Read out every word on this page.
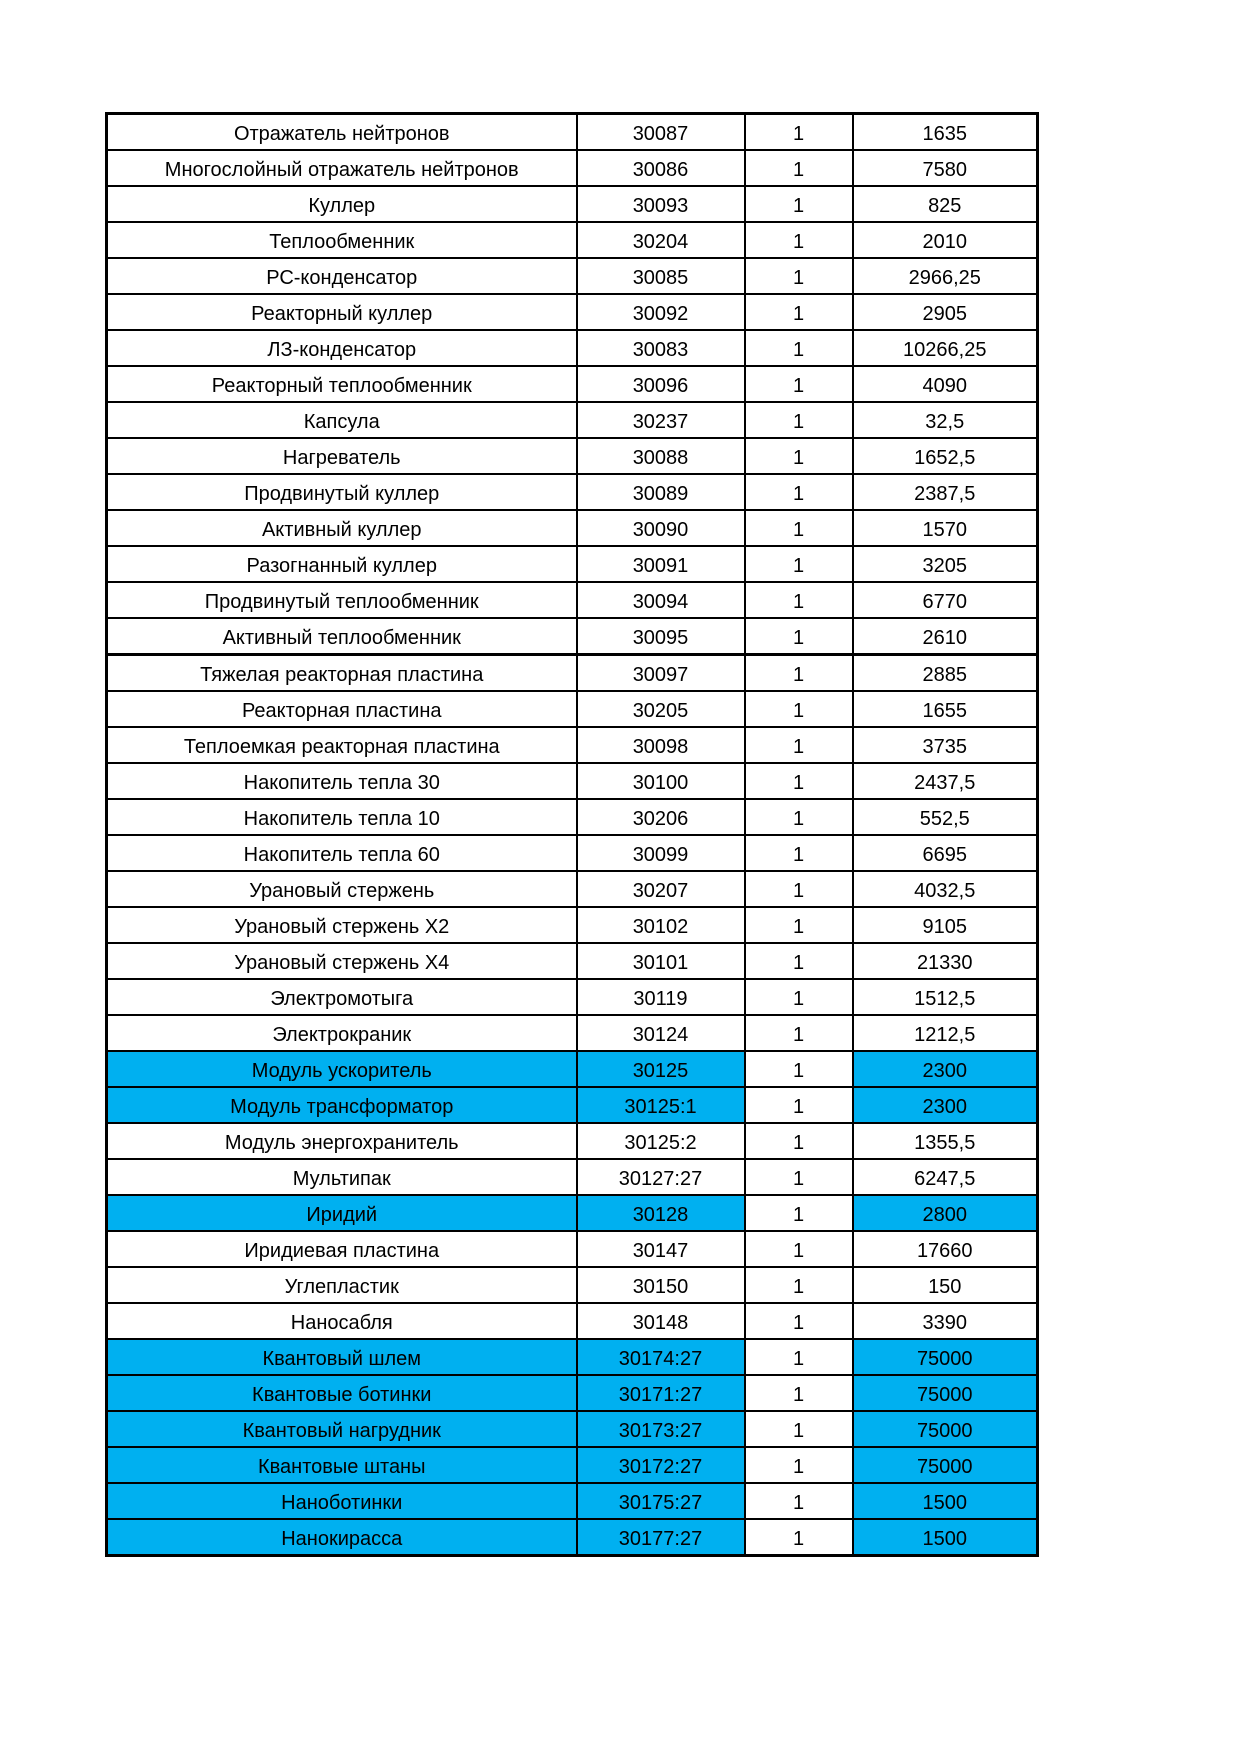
Отражатель нейтронов	30087	1	1635
Многослойный отражатель нейтронов	30086	1	7580
Куллер	30093	1	825
Теплообменник	30204	1	2010
РС-конденсатор	30085	1	2966,25
Реакторный куллер	30092	1	2905
ЛЗ-конденсатор	30083	1	10266,25
Реакторный теплообменник	30096	1	4090
Капсула	30237	1	32,5
Нагреватель	30088	1	1652,5
Продвинутый куллер	30089	1	2387,5
Активный куллер	30090	1	1570
Разогнанный куллер	30091	1	3205
Продвинутый теплообменник	30094	1	6770
Активный теплообменник	30095	1	2610
Тяжелая реакторная пластина	30097	1	2885
Реакторная пластина	30205	1	1655
Теплоемкая реакторная пластина	30098	1	3735
Накопитель тепла 30	30100	1	2437,5
Накопитель тепла 10	30206	1	552,5
Накопитель тепла 60	30099	1	6695
Урановый стержень	30207	1	4032,5
Урановый стержень Х2	30102	1	9105
Урановый стержень Х4	30101	1	21330
Электромотыга	30119	1	1512,5
Электрокраник	30124	1	1212,5
Модуль ускоритель	30125	1	2300
Модуль трансформатор	30125:1	1	2300
Модуль энергохранитель	30125:2	1	1355,5
Мультипак	30127:27	1	6247,5
Иридий	30128	1	2800
Иридиевая пластина	30147	1	17660
Углепластик	30150	1	150
Наносабля	30148	1	3390
Квантовый шлем	30174:27	1	75000
Квантовые ботинки	30171:27	1	75000
Квантовый нагрудник	30173:27	1	75000
Квантовые штаны	30172:27	1	75000
Наноботинки	30175:27	1	1500
Нанокирасса	30177:27	1	1500
